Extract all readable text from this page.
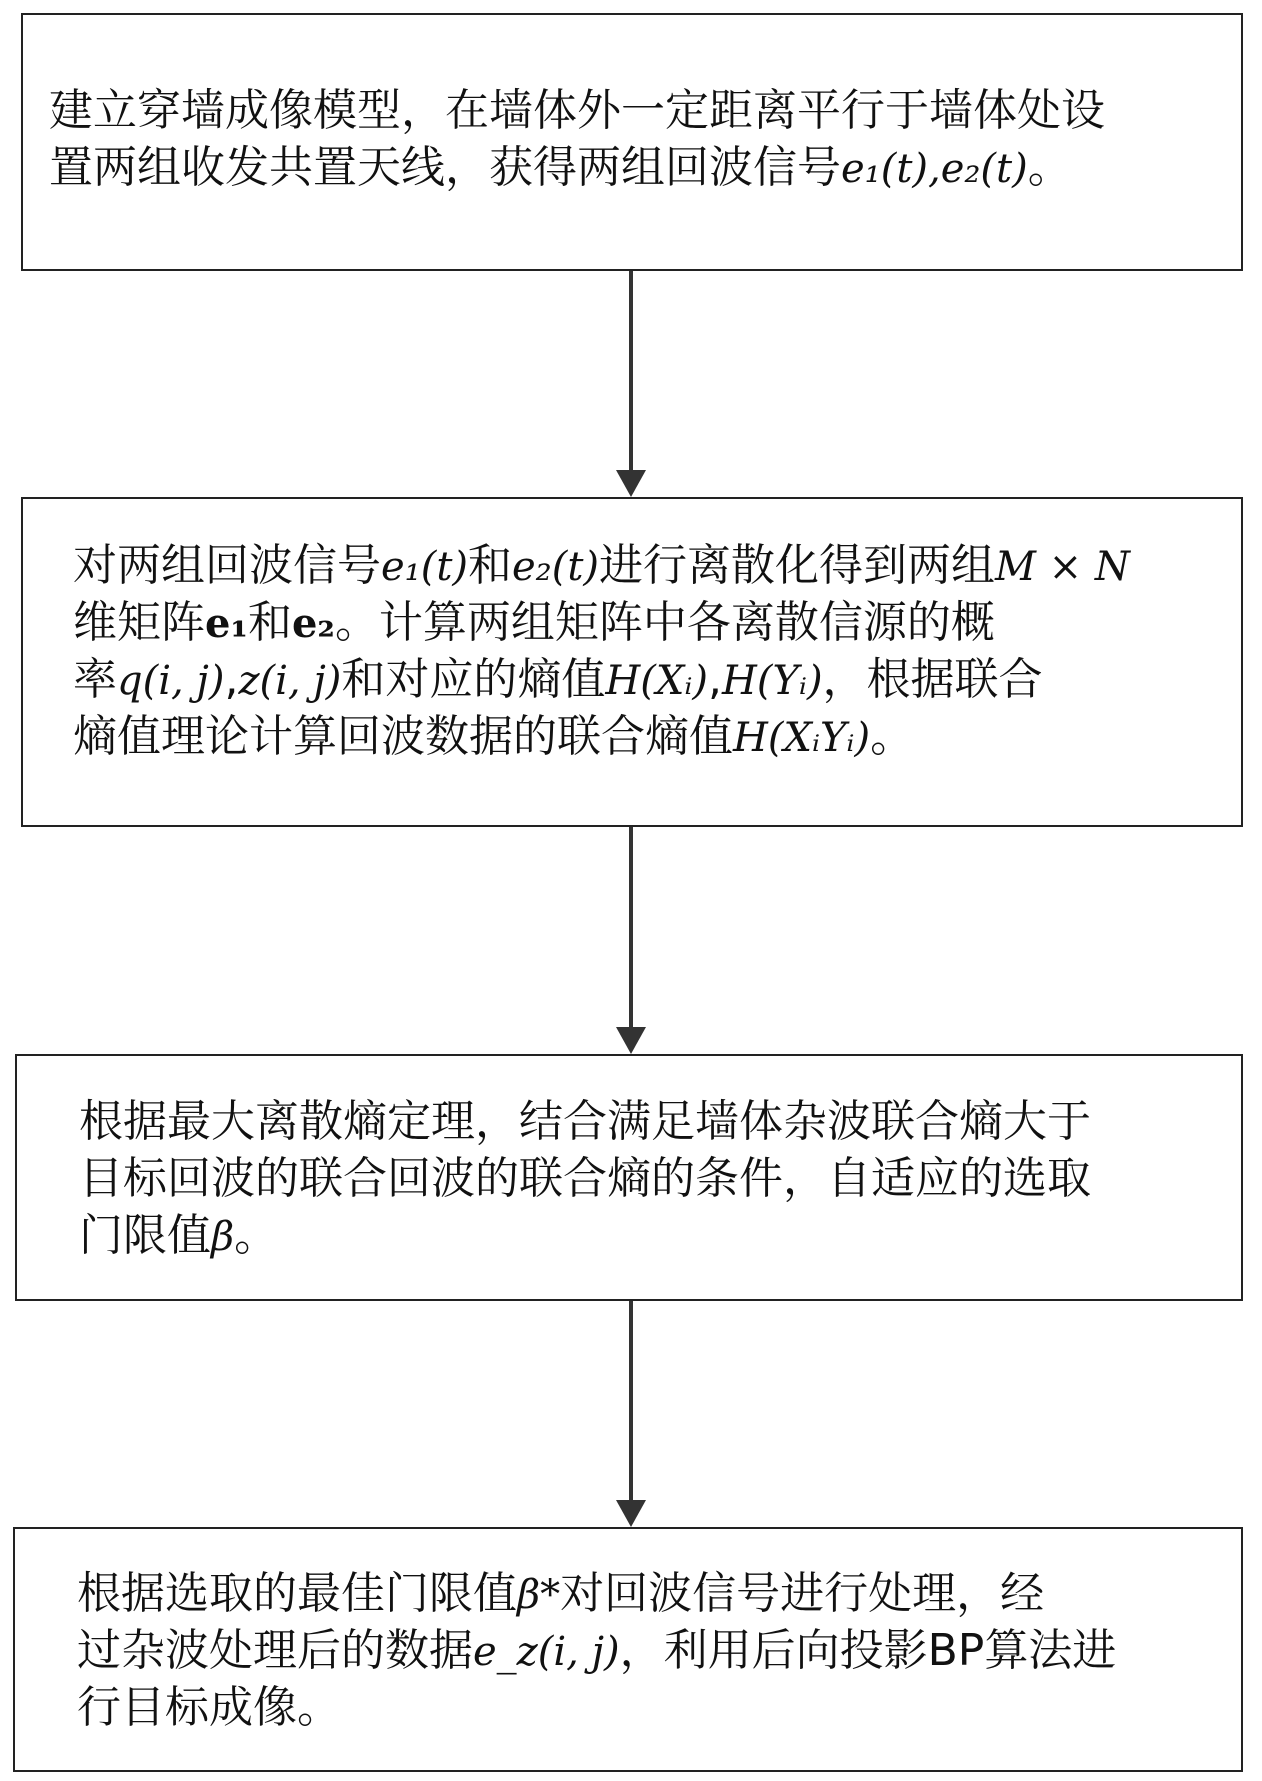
建立穿墙成像模型，在墙体外一定距离平行于墙体处设
置两组收发共置天线，获得两组回波信号e₁(t),e₂(t)。
对两组回波信号e₁(t)和e₂(t)进行离散化得到两组M × N
维矩阵e₁和e₂。计算两组矩阵中各离散信源的概
率q(i, j),z(i, j)和对应的熵值H(Xᵢ),H(Yᵢ)，根据联合
熵值理论计算回波数据的联合熵值H(XᵢYᵢ)。
根据最大离散熵定理，结合满足墙体杂波联合熵大于
目标回波的联合回波的联合熵的条件，自适应的选取
门限值β。
根据选取的最佳门限值β*对回波信号进行处理，经
过杂波处理后的数据e_z(i, j)，利用后向投影BP算法进
行目标成像。
